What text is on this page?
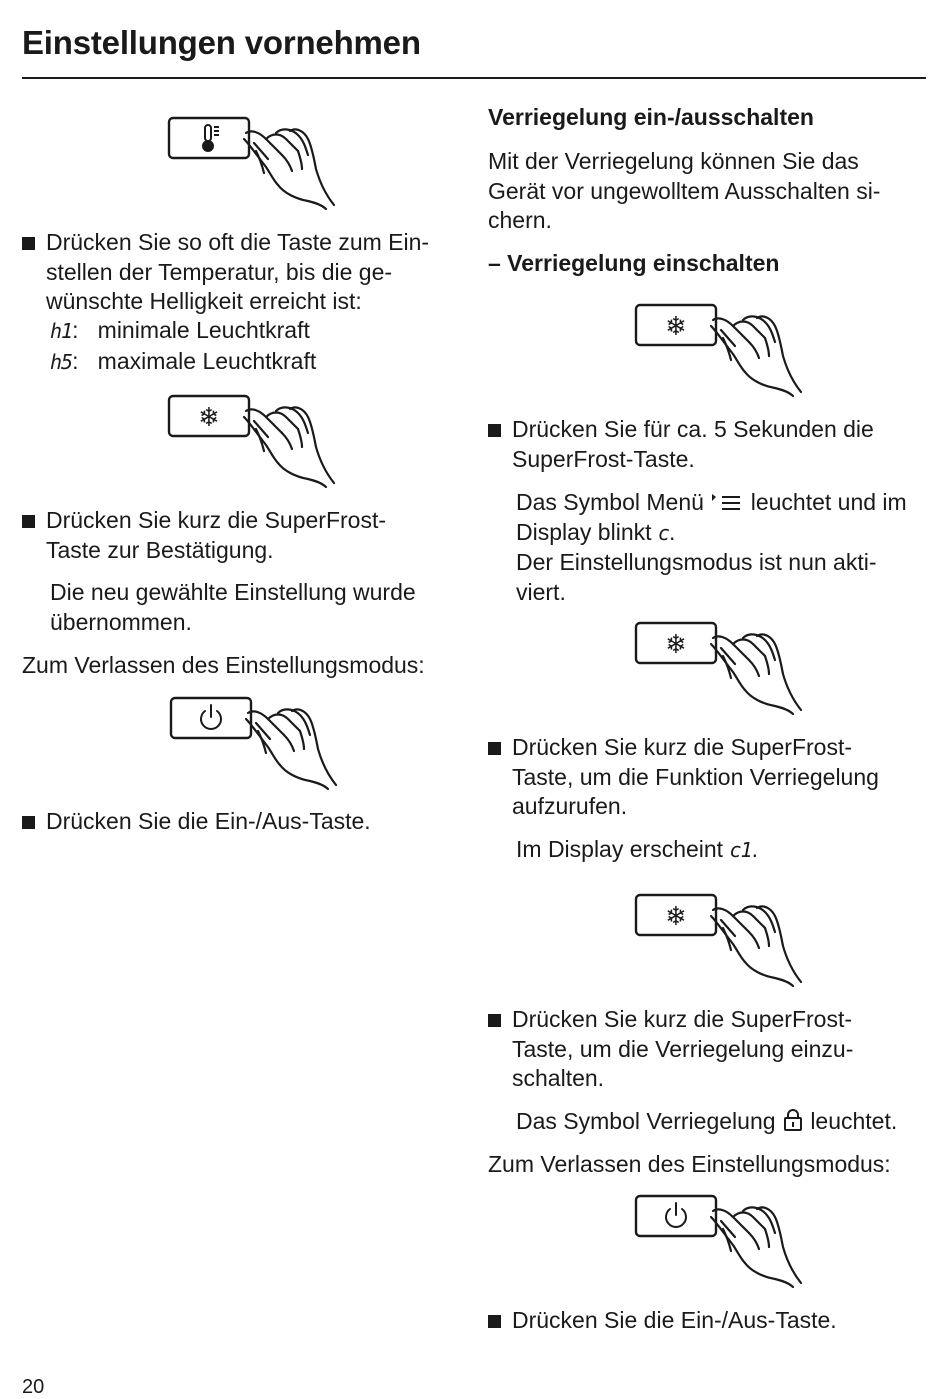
Einstellungen vornehmen
Drücken Sie so oft die Taste zum Ein-
stellen der Temperatur, bis die ge-
wünschte Helligkeit erreicht ist:
h1:   minimale Leuchtkraft
h5:   maximale Leuchtkraft
❄
Drücken Sie kurz die SuperFrost-
Taste zur Bestätigung.
Die neu gewählte Einstellung wurde
übernommen.
Zum Verlassen des Einstellungsmodus:
Drücken Sie die Ein-/Aus-Taste.
Verriegelung ein-/ausschalten
Mit der Verriegelung können Sie das
Gerät vor ungewolltem Ausschalten si-
chern.
– Verriegelung einschalten
❄
Drücken Sie für ca. 5 Sekunden die
SuperFrost-Taste.
Das Symbol Menü leuchtet und im
Display blinkt c.
Der Einstellungsmodus ist nun akti-
viert.
❄
Drücken Sie kurz die SuperFrost-
Taste, um die Funktion Verriegelung
aufzurufen.
Im Display erscheint c1.
❄
Drücken Sie kurz die SuperFrost-
Taste, um die Verriegelung einzu-
schalten.
Das Symbol Verriegelung leuchtet.
Zum Verlassen des Einstellungsmodus:
Drücken Sie die Ein-/Aus-Taste.
20
